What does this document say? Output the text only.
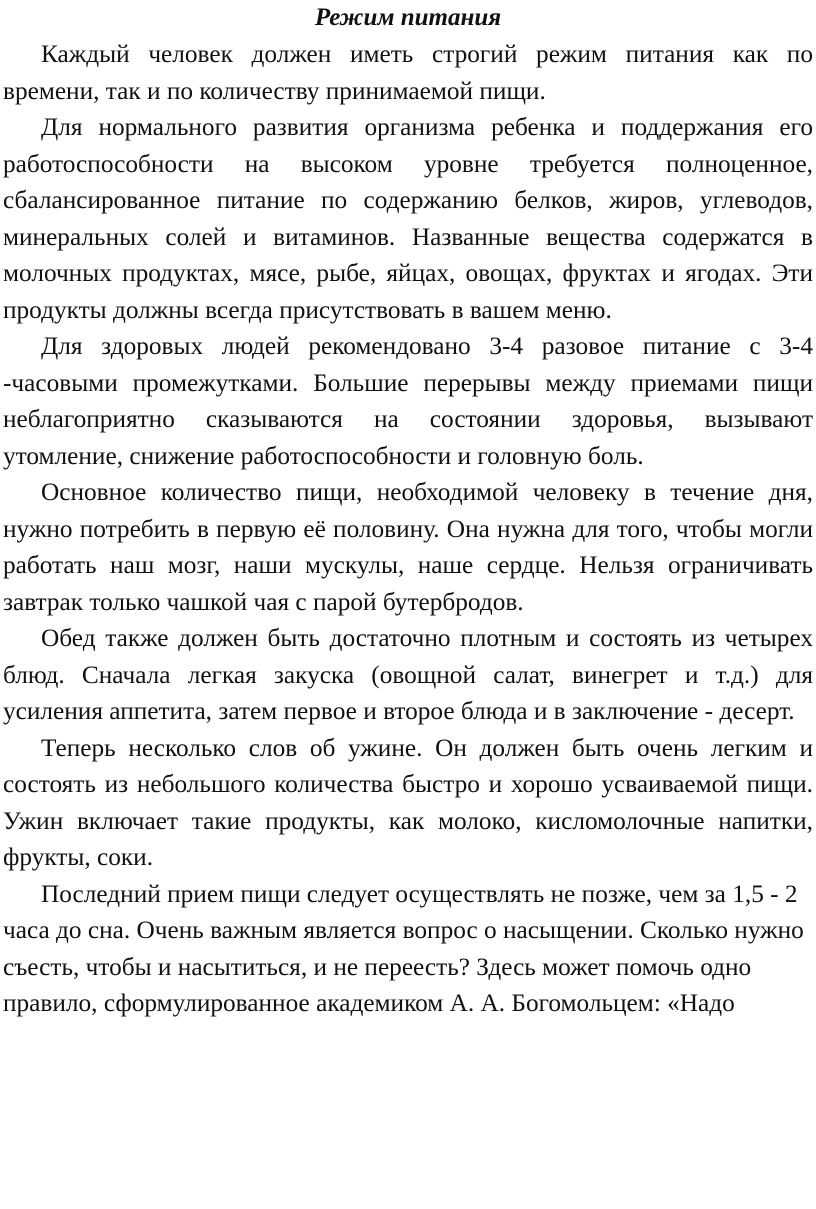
Режим питания

Каждый человек должен иметь строгий режим питания как по времени, так и по количеству принимаемой пищи.

Для нормального развития организма ребенка и поддержания его работоспособности на высоком уровне требуется полноценное, сбалансированное питание по содержанию белков, жиров, углеводов, минеральных солей и витаминов. Названные вещества содержатся в молочных продуктах, мясе, рыбе, яйцах, овощах, фруктах и ягодах. Эти продукты должны всегда присутствовать в вашем меню.

Для здоровых людей рекомендовано 3-4 разовое питание с 3-4 -часовыми промежутками. Большие перерывы между приемами пищи неблагоприятно сказываются на состоянии здоровья, вызывают утомление, снижение работоспособности и головную боль.

Основное количество пищи, необходимой человеку в течение дня, нужно потребить в первую её половину. Она нужна для того, чтобы могли работать наш мозг, наши мускулы, наше сердце. Нельзя ограничивать завтрак только чашкой чая с парой бутербродов.

Обед также должен быть достаточно плотным и состоять из четырех блюд. Сначала легкая закуска (овощной салат, винегрет и т.д.) для усиления аппетита, затем первое и второе блюда и в заключение - десерт.

Теперь несколько слов об ужине. Он должен быть очень легким и состоять из небольшого количества быстро и хорошо усваиваемой пищи. Ужин включает такие продукты, как молоко, кисломолочные напитки, фрукты, соки.

Последний прием пищи следует осуществлять не позже, чем за 1,5 - 2 часа до сна. Очень важным является вопрос о насыщении. Сколько нужно съесть, чтобы и насытиться, и не переесть? Здесь может помочь одно правило, сформулированное академиком А. А. Богомольцем: «Надо
